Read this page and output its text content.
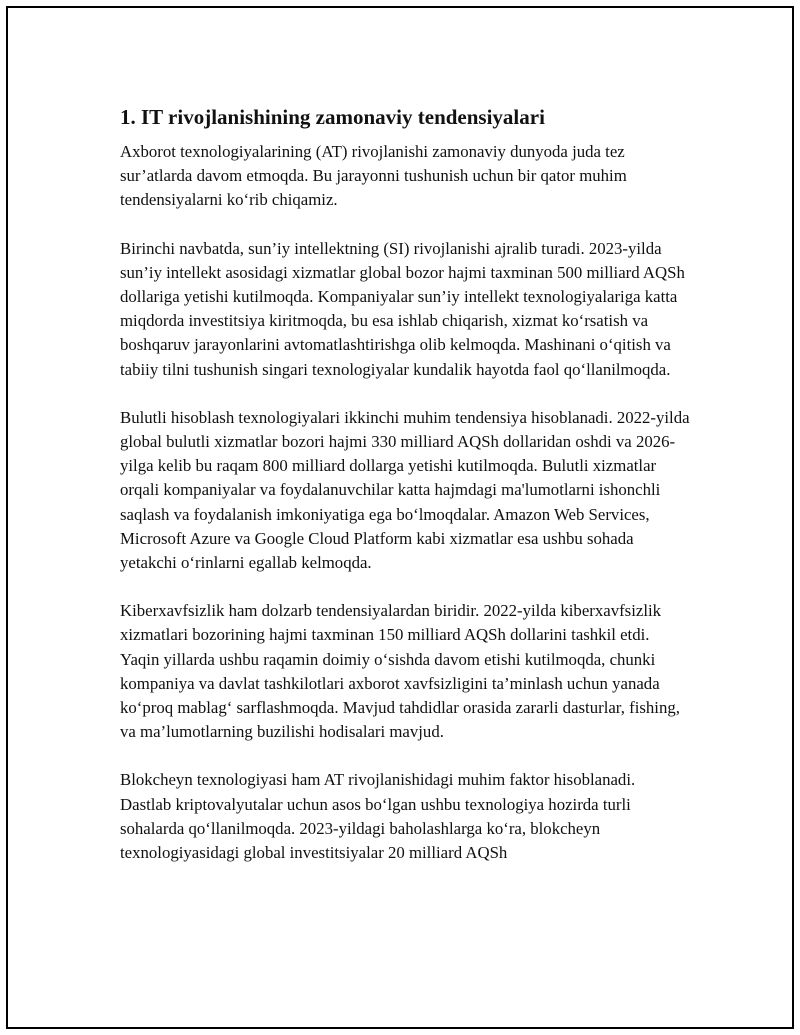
1. IT rivojlanishining zamonaviy tendensiyalari

Axborot texnologiyalarining (AT) rivojlanishi zamonaviy dunyoda juda tez sur’atlarda davom etmoqda. Bu jarayonni tushunish uchun bir qator muhim tendensiyalarni ko‘rib chiqamiz.

Birinchi navbatda, sun’iy intellektning (SI) rivojlanishi ajralib turadi. 2023-yilda sun’iy intellekt asosidagi xizmatlar global bozor hajmi taxminan 500 milliard AQSh dollariga yetishi kutilmoqda. Kompaniyalar sun’iy intellekt texnologiyalariga katta miqdorda investitsiya kiritmoqda, bu esa ishlab chiqarish, xizmat ko‘rsatish va boshqaruv jarayonlarini avtomatlashtirishga olib kelmoqda. Mashinani o‘qitish va tabiiy tilni tushunish singari texnologiyalar kundalik hayotda faol qo‘llanilmoqda.

Bulutli hisoblash texnologiyalari ikkinchi muhim tendensiya hisoblanadi. 2022-yilda global bulutli xizmatlar bozori hajmi 330 milliard AQSh dollaridan oshdi va 2026-yilga kelib bu raqam 800 milliard dollarga yetishi kutilmoqda. Bulutli xizmatlar orqali kompaniyalar va foydalanuvchilar katta hajmdagi ma'lumotlarni ishonchli saqlash va foydalanish imkoniyatiga ega bo‘lmoqdalar. Amazon Web Services, Microsoft Azure va Google Cloud Platform kabi xizmatlar esa ushbu sohada yetakchi o‘rinlarni egallab kelmoqda.

Kiberxavfsizlik ham dolzarb tendensiyalardan biridir. 2022-yilda kiberxavfsizlik xizmatlari bozorining hajmi taxminan 150 milliard AQSh dollarini tashkil etdi. Yaqin yillarda ushbu raqamin doimiy o‘sishda davom etishi kutilmoqda, chunki kompaniya va davlat tashkilotlari axborot xavfsizligini ta’minlash uchun yanada ko‘proq mablag‘ sarflashmoqda. Mavjud tahdidlar orasida zararli dasturlar, fishing, va ma’lumotlarning buzilishi hodisalari mavjud.

Blokcheyn texnologiyasi ham AT rivojlanishidagi muhim faktor hisoblanadi. Dastlab kriptovalyutalar uchun asos bo‘lgan ushbu texnologiya hozirda turli sohalarda qo‘llanilmoqda. 2023-yildagi baholashlarga ko‘ra, blokcheyn texnologiyasidagi global investitsiyalar 20 milliard AQSh
